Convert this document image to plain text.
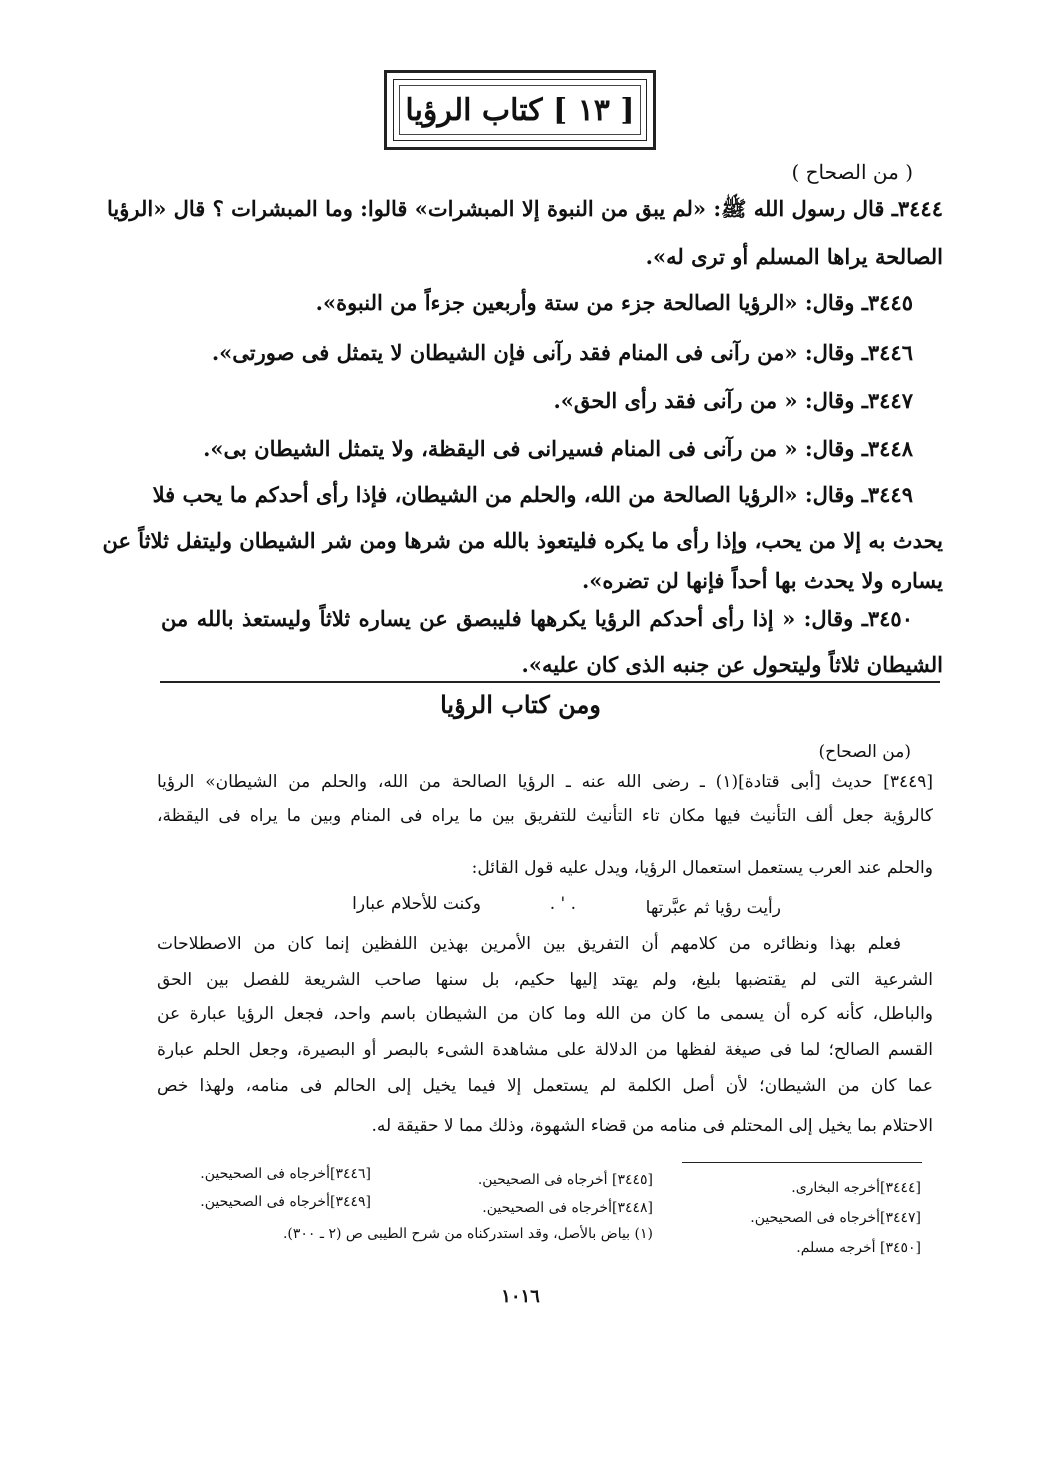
[ ١٣ ] كتاب الرؤيا
( من الصحاح )
٣٤٤٤ـ قال رسول الله ﷺ: «لم يبق من النبوة إلا المبشرات» قالوا: وما المبشرات ؟ قال «الرؤيا
الصالحة يراها المسلم أو ترى له».
٣٤٤٥ـ وقال: «الرؤيا الصالحة جزء من ستة وأربعين جزءاً من النبوة».
٣٤٤٦ـ وقال: «من رآنى فى المنام فقد رآنى فإن الشيطان لا يتمثل فى صورتى».
٣٤٤٧ـ وقال: « من رآنى فقد رأى الحق».
٣٤٤٨ـ وقال: « من رآنى فى المنام فسيرانى فى اليقظة، ولا يتمثل الشيطان بى».
٣٤٤٩ـ وقال: «الرؤيا الصالحة من الله، والحلم من الشيطان، فإذا رأى أحدكم ما يحب فلا
يحدث به إلا من يحب، وإذا رأى ما يكره فليتعوذ بالله من شرها ومن شر الشيطان وليتفل ثلاثاً عن
يساره ولا يحدث بها أحداً فإنها لن تضره».
٣٤٥٠ـ وقال: « إذا رأى أحدكم الرؤيا يكرهها فليبصق عن يساره ثلاثاً وليستعذ بالله من
الشيطان ثلاثاً وليتحول عن جنبه الذى كان عليه».
ومن كتاب الرؤيا
(من الصحاح)
[٣٤٤٩] حديث [أبى قتادة](١) ـ رضى الله عنه ـ الرؤيا الصالحة من الله، والحلم من الشيطان» الرؤيا
كالرؤية جعل ألف التأنيث فيها مكان تاء التأنيث للتفريق بين ما يراه فى المنام وبين ما يراه فى اليقظة،
والحلم عند العرب يستعمل استعمال الرؤيا، ويدل عليه قول القائل:
رأيت رؤيا ثم عبَّرتها
. ' .
وكنت للأحلام عبارا
فعلم بهذا ونظائره من كلامهم أن التفريق بين الأمرين بهذين اللفظين إنما كان من الاصطلاحات
الشرعية التى لم يقتضبها بليغ، ولم يهتد إليها حكيم، بل سنها صاحب الشريعة للفصل بين الحق
والباطل، كأنه كره أن يسمى ما كان من الله وما كان من الشيطان باسم واحد، فجعل الرؤيا عبارة عن
القسم الصالح؛ لما فى صيغة لفظها من الدلالة على مشاهدة الشىء بالبصر أو البصيرة، وجعل الحلم عبارة
عما كان من الشيطان؛ لأن أصل الكلمة لم يستعمل إلا فيما يخيل إلى الحالم فى منامه، ولهذا خص
الاحتلام بما يخيل إلى المحتلم فى منامه من قضاء الشهوة، وذلك مما لا حقيقة له.
[٣٤٤٤]أخرجه البخارى.
[٣٤٤٥] أخرجاه فى الصحيحين.
[٣٤٤٦]أخرجاه فى الصحيحين.
[٣٤٤٧]أخرجاه فى الصحيحين.
[٣٤٤٨]أخرجاه فى الصحيحين.
[٣٤٤٩]أخرجاه فى الصحيحين.
[٣٤٥٠] أخرجه مسلم.
(١) بياض بالأصل، وقد استدركناه من شرح الطيبى ص (٢ ـ ٣٠٠).
١٠١٦
